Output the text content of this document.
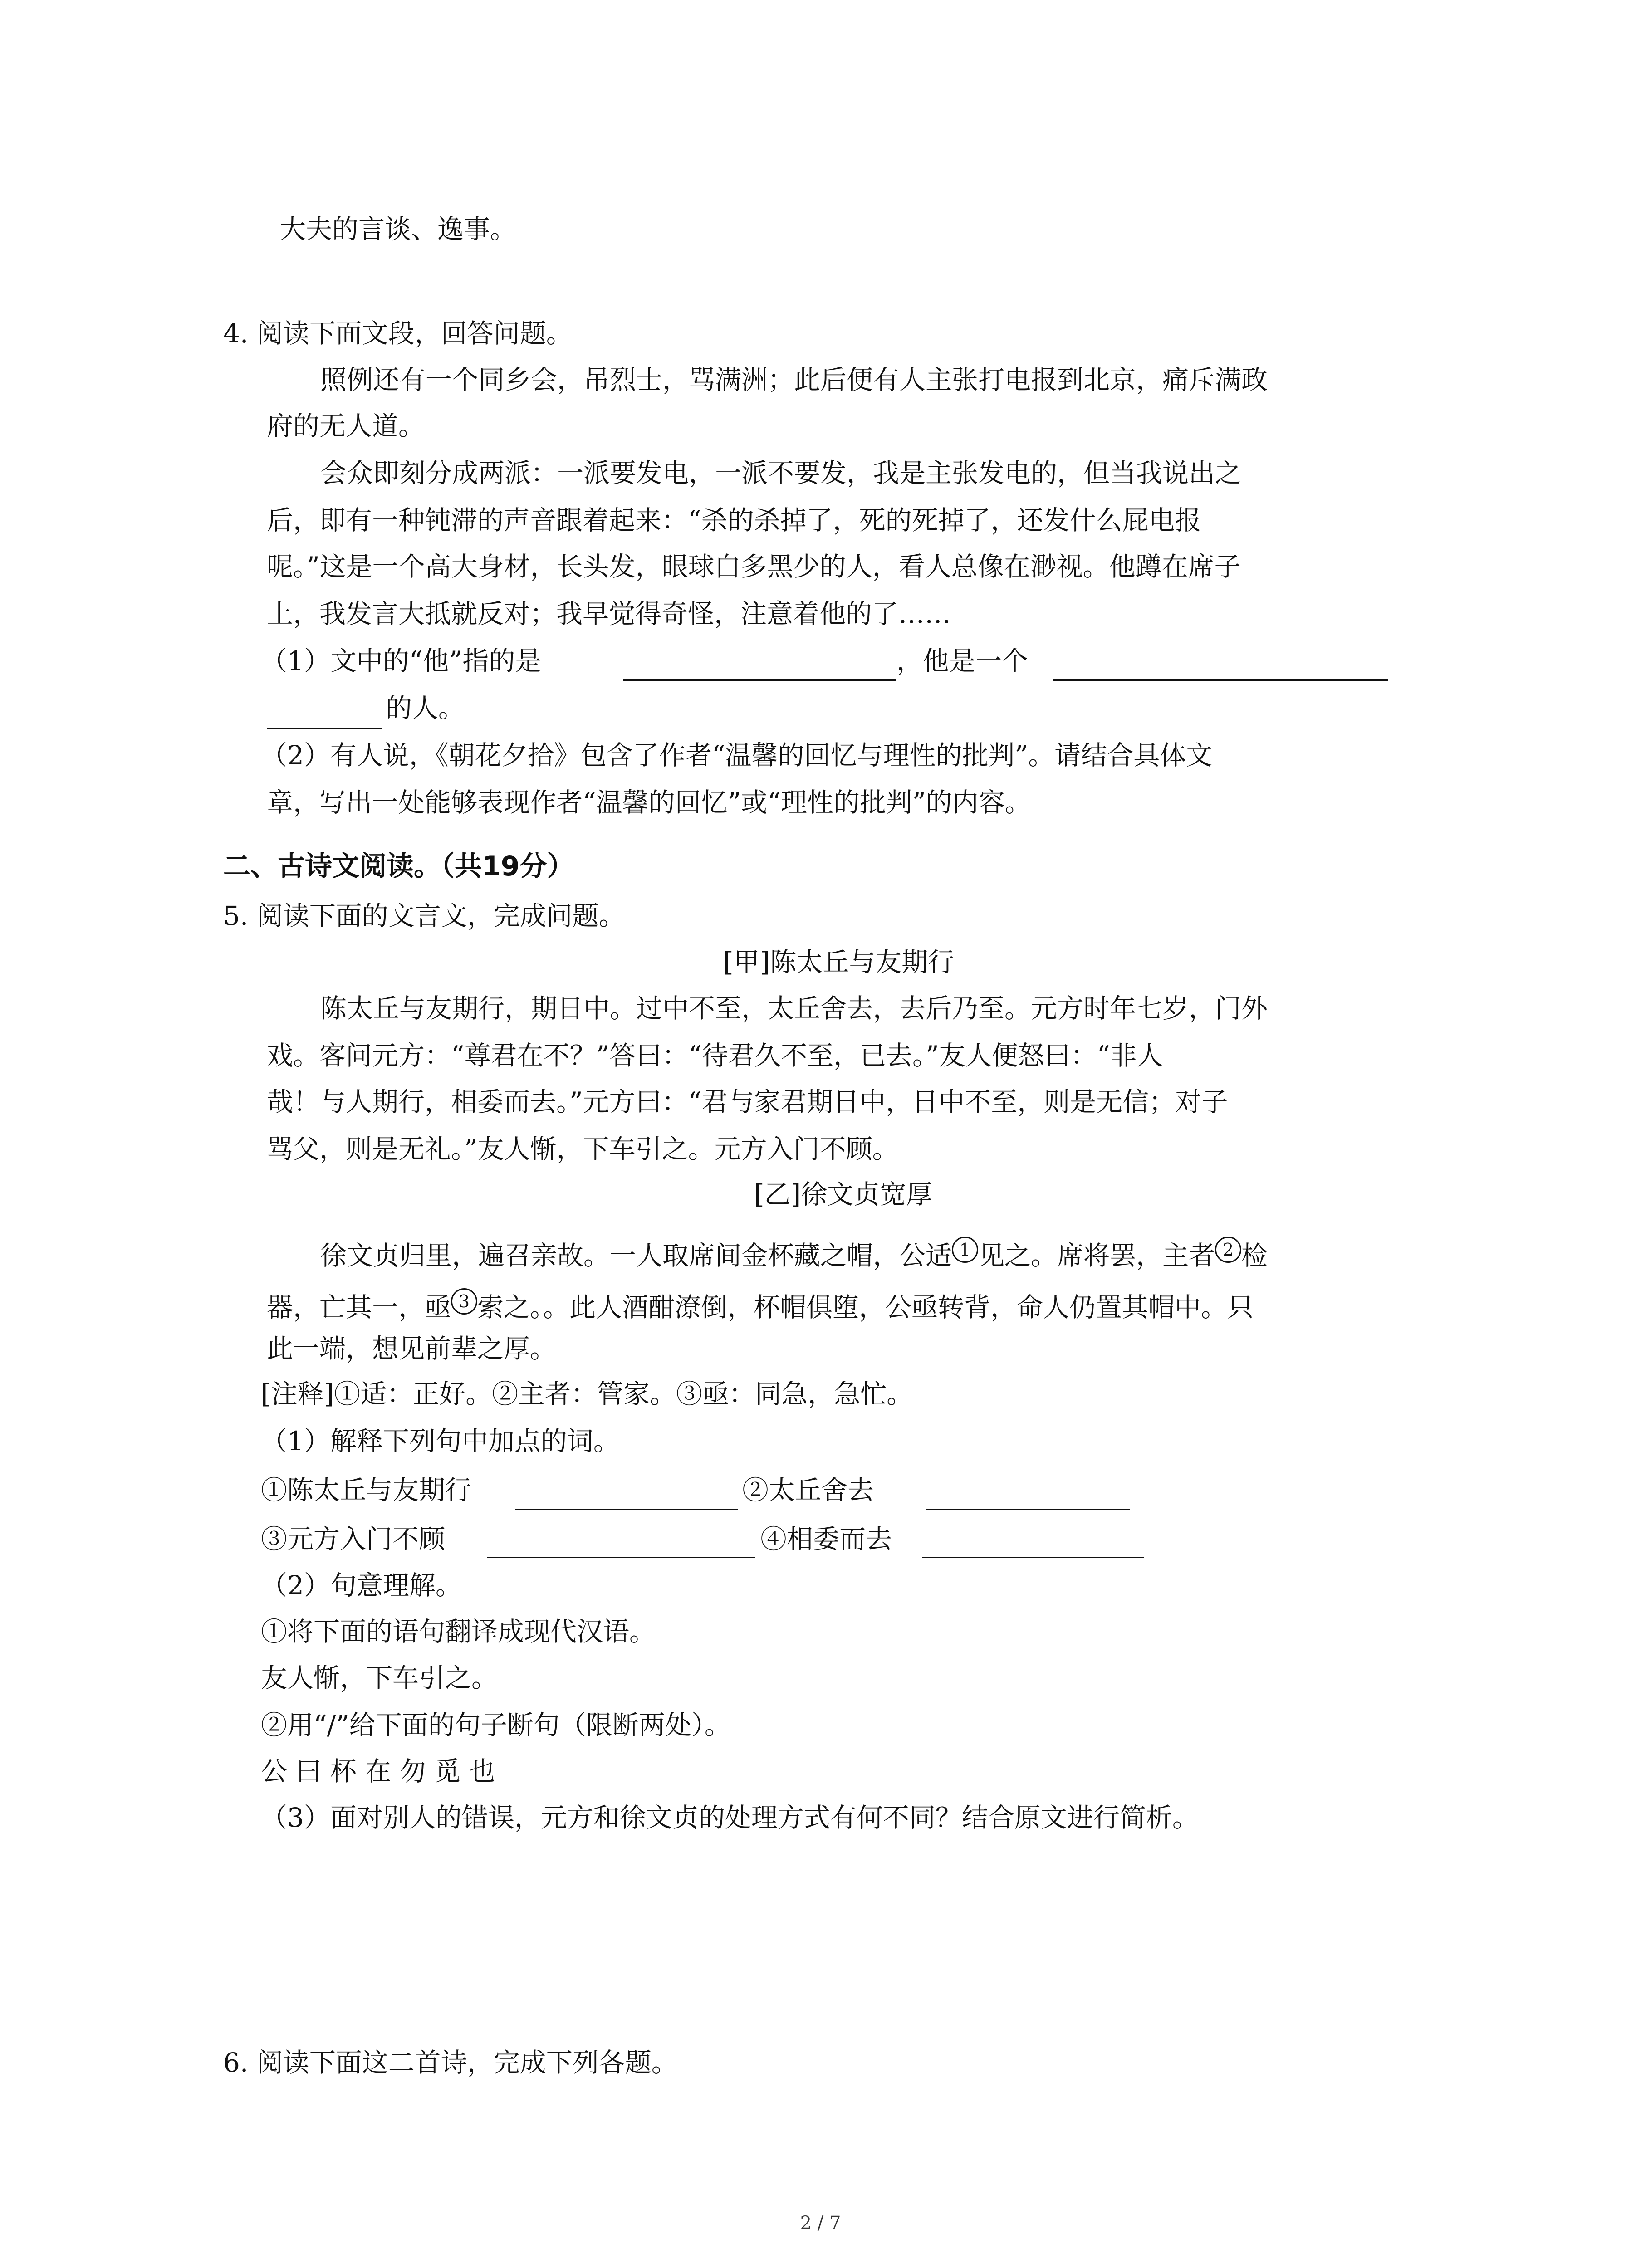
大夫的言谈、逸事。
4. 阅读下面文段，回答问题。
照例还有一个同乡会，吊烈士，骂满洲；此后便有人主张打电报到北京，痛斥满政
府的无人道。
会众即刻分成两派：一派要发电，一派不要发，我是主张发电的，但当我说出之
后，即有一种钝滞的声音跟着起来：“杀的杀掉了，死的死掉了，还发什么屁电报
呢。”这是一个高大身材，长头发，眼球白多黑少的人，看人总像在渺视。他蹲在席子
上，我发言大抵就反对；我早觉得奇怪，注意着他的了……
（1）文中的“他”指的是	，他是一个
的人。
（2）有人说，《朝花夕拾》包含了作者“温馨的回忆与理性的批判”。请结合具体文
章，写出一处能够表现作者“温馨的回忆”或“理性的批判”的内容。
二、古诗文阅读。（共19分）
5. 阅读下面的文言文，完成问题。
[甲]陈太丘与友期行
陈太丘与友期行，期日中。过中不至，太丘舍去，去后乃至。元方时年七岁，门外
戏。客问元方：“尊君在不？”答曰：“待君久不至，已去。”友人便怒曰：“非人
哉！与人期行，相委而去。”元方曰：“君与家君期日中，日中不至，则是无信；对子
骂父，则是无礼。”友人惭，下车引之。元方入门不顾。
[乙]徐文贞宽厚
徐文贞归里，遍召亲故。一人取席间金杯藏之帽，公适 1 见之。席将罢，主者 2 检
器，亡其一，亟 3 索之。。此人酒酣潦倒，杯帽俱堕，公亟转背，命人仍置其帽中。只
此一端，想见前辈之厚。
[注释]①适：正好。②主者：管家。③亟：同急，急忙。
（1）解释下列句中加点的词。
①陈太丘与友期行	②太丘舍去
③元方入门不顾	④相委而去
（2）句意理解。
①将下面的语句翻译成现代汉语。
友人惭，下车引之。
②用“/”给下面的句子断句（限断两处）。
公 曰 杯 在 勿 觅 也
（3）面对别人的错误，元方和徐文贞的处理方式有何不同？结合原文进行简析。
6. 阅读下面这二首诗，完成下列各题。
2 / 7
